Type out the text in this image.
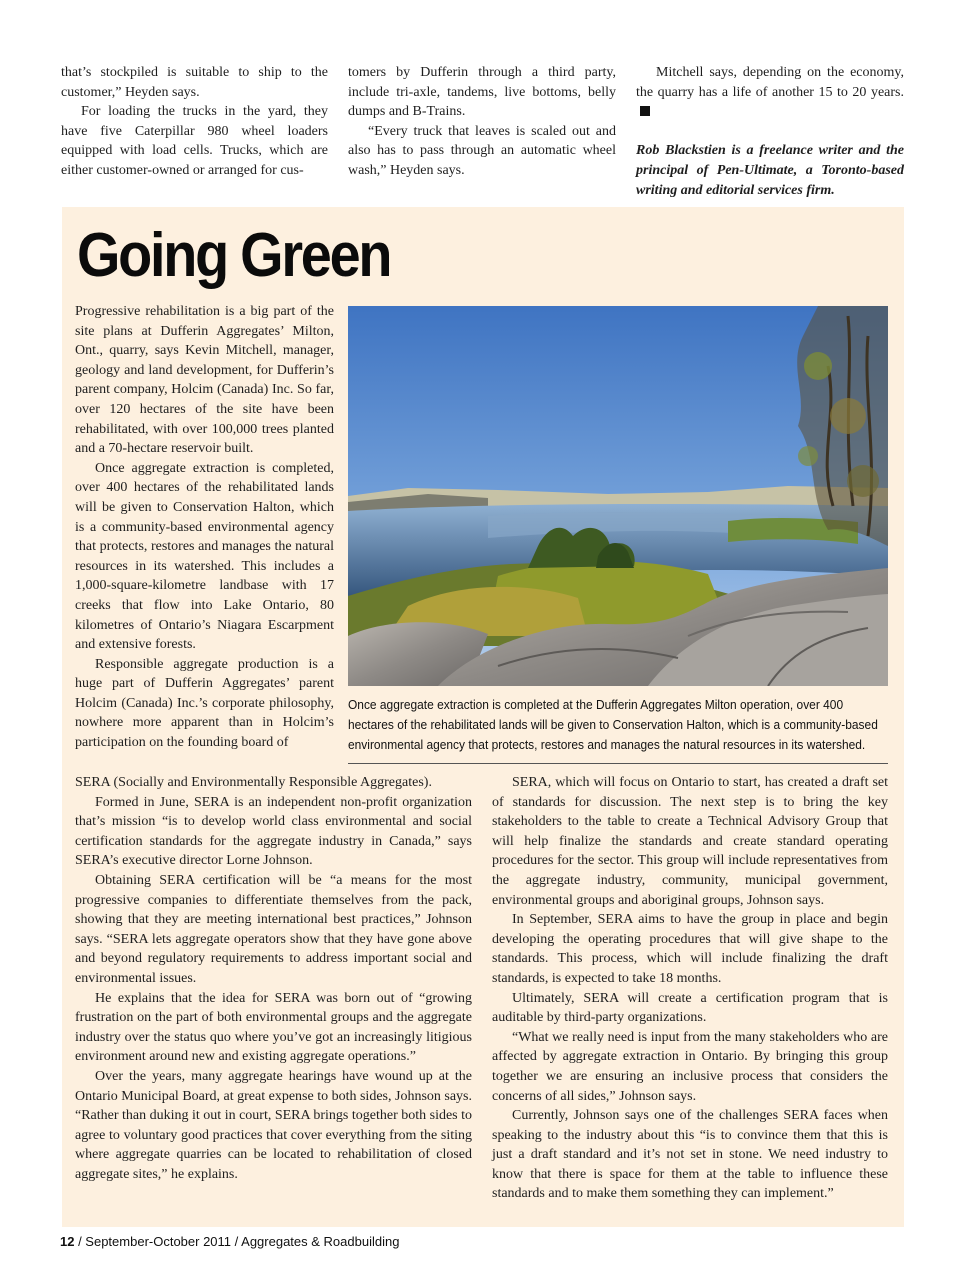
that’s stockpiled is suitable to ship to the customer,” Heyden says.

For loading the trucks in the yard, they have five Caterpillar 980 wheel loaders equipped with load cells. Trucks, which are either customer-owned or arranged for cus-

tomers by Dufferin through a third party, include tri-axle, tandems, live bottoms, belly dumps and B-Trains.

“Every truck that leaves is scaled out and also has to pass through an automatic wheel wash,” Heyden says.

Mitchell says, depending on the economy, the quarry has a life of another 15 to 20 years.

Rob Blackstien is a freelance writer and the principal of Pen-Ultimate, a Toronto-based writing and editorial services firm.

Going Green

Progressive rehabilitation is a big part of the site plans at Dufferin Aggregates’ Milton, Ont., quarry, says Kevin Mitchell, manager, geology and land development, for Dufferin’s parent company, Holcim (Canada) Inc. So far, over 120 hectares of the site have been rehabilitated, with over 100,000 trees planted and a 70-hectare reservoir built.

Once aggregate extraction is completed, over 400 hectares of the rehabilitated lands will be given to Conservation Halton, which is a community-based environmental agency that protects, restores and manages the natural resources in its watershed. This includes a 1,000-square-kilometre landbase with 17 creeks that flow into Lake Ontario, 80 kilometres of Ontario’s Niagara Escarpment and extensive forests.

Responsible aggregate production is a huge part of Dufferin Aggregates’ parent Holcim (Canada) Inc.’s corporate philosophy, nowhere more apparent than in Holcim’s participation on the founding board of

Once aggregate extraction is completed at the Dufferin Aggregates Milton operation, over 400 hectares of the rehabilitated lands will be given to Conservation Halton, which is a community-based environmental agency that protects, restores and manages the natural resources in its watershed.

SERA (Socially and Environmentally Responsible Aggregates).

Formed in June, SERA is an independent non-profit organization that’s mission “is to develop world class environmental and social certification standards for the aggregate industry in Canada,” says SERA’s executive director Lorne Johnson.

Obtaining SERA certification will be “a means for the most progressive companies to differentiate themselves from the pack, showing that they are meeting international best practices,” Johnson says. “SERA lets aggregate operators show that they have gone above and beyond regulatory requirements to address important social and environmental issues.

He explains that the idea for SERA was born out of “growing frustration on the part of both environmental groups and the aggregate industry over the status quo where you’ve got an increasingly litigious environment around new and existing aggregate operations.”

Over the years, many aggregate hearings have wound up at the Ontario Municipal Board, at great expense to both sides, Johnson says. “Rather than duking it out in court, SERA brings together both sides to agree to voluntary good practices that cover everything from the siting where aggregate quarries can be located to rehabilitation of closed aggregate sites,” he explains.

SERA, which will focus on Ontario to start, has created a draft set of standards for discussion. The next step is to bring the key stakeholders to the table to create a Technical Advisory Group that will help finalize the standards and create standard operating procedures for the sector. This group will include representatives from the aggregate industry, community, municipal government, environmental groups and aboriginal groups, Johnson says.

In September, SERA aims to have the group in place and begin developing the operating procedures that will give shape to the standards. This process, which will include finalizing the draft standards, is expected to take 18 months.

Ultimately, SERA will create a certification program that is auditable by third-party organizations.

“What we really need is input from the many stakeholders who are affected by aggregate extraction in Ontario. By bringing this group together we are ensuring an inclusive process that considers the concerns of all sides,” Johnson says.

Currently, Johnson says one of the challenges SERA faces when speaking to the industry about this “is to convince them that this is just a draft standard and it’s not set in stone. We need industry to know that there is space for them at the table to influence these standards and to make them something they can implement.”

12 / September-October 2011 / Aggregates & Roadbuilding
